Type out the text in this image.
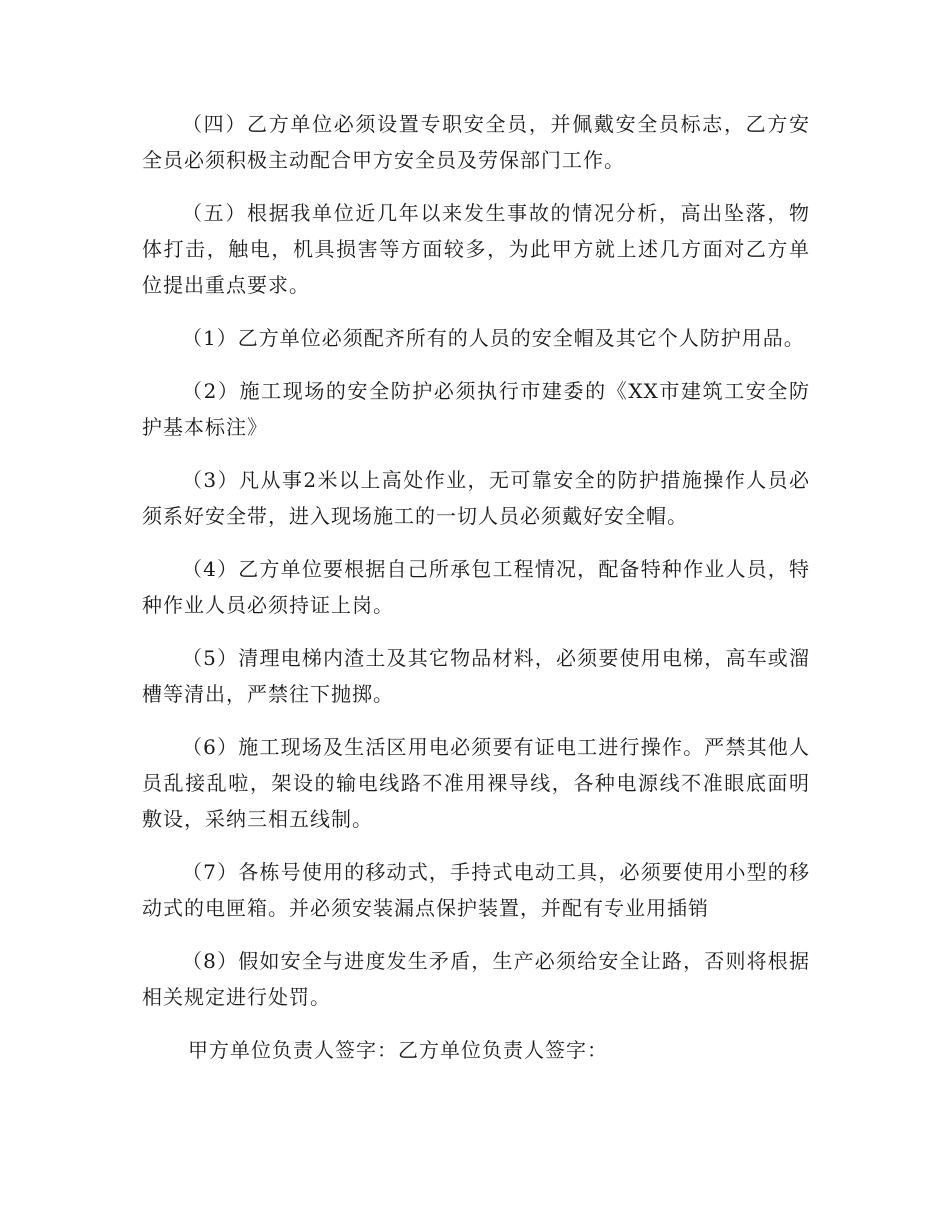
（四）乙方单位必须设置专职安全员，并佩戴安全员标志，乙方安全员必须积极主动配合甲方安全员及劳保部门工作。

（五）根据我单位近几年以来发生事故的情况分析，高出坠落，物体打击，触电，机具损害等方面较多，为此甲方就上述几方面对乙方单位提出重点要求。

（1）乙方单位必须配齐所有的人员的安全帽及其它个人防护用品。

（2）施工现场的安全防护必须执行市建委的《XX市建筑工安全防护基本标注》

（3）凡从事2米以上高处作业，无可靠安全的防护措施操作人员必须系好安全带，进入现场施工的一切人员必须戴好安全帽。

（4）乙方单位要根据自己所承包工程情况，配备特种作业人员，特种作业人员必须持证上岗。

（5）清理电梯内渣土及其它物品材料，必须要使用电梯，高车或溜槽等清出，严禁往下抛掷。

（6）施工现场及生活区用电必须要有证电工进行操作。严禁其他人员乱接乱啦，架设的输电线路不准用裸导线，各种电源线不准眼底面明敷设，采纳三相五线制。

（7）各栋号使用的移动式，手持式电动工具，必须要使用小型的移动式的电匣箱。并必须安装漏点保护装置，并配有专业用插销

（8）假如安全与进度发生矛盾，生产必须给安全让路，否则将根据相关规定进行处罚。

甲方单位负责人签字：乙方单位负责人签字：
